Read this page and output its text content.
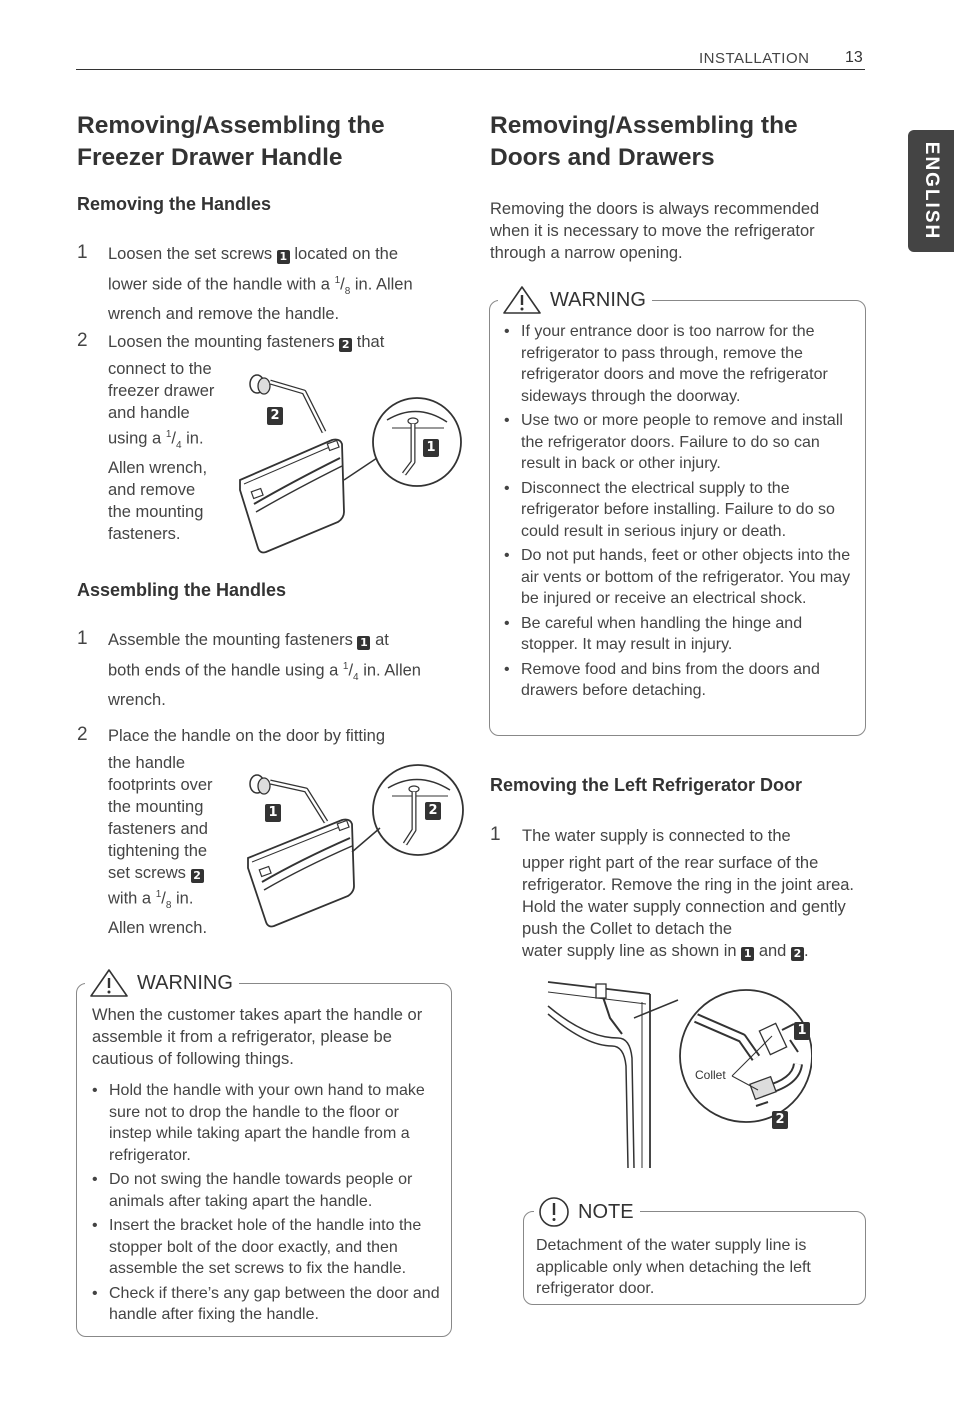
INSTALLATION 13
ENGLISH
Removing/Assembling the Freezer Drawer Handle
Removing the Handles
1 Loosen the set screws 1 located on the
lower side of the handle with a $^1/_8$ in. Allen
wrench and remove the handle.
2 Loosen the mounting fasteners 2 that
connect to the
freezer drawer
and handle
using a $^1/_4$ in.
Allen wrench,
and remove
the mounting
fasteners.
2
1
Assembling the Handles
1 Assemble the mounting fasteners 1 at
both ends of the handle using a $^1/_4$ in. Allen
wrench.
2 Place the handle on the door by fitting
the handle
footprints over
the mounting
fasteners and
tightening the
set screws 2
with a $^1/_8$ in.
Allen wrench.
1	2
WARNING

When the customer takes apart the handle or assemble it from a refrigerator, please be cautious of following things.

• Hold the handle with your own hand to make sure not to drop the handle to the floor or instep while taking apart the handle from a refrigerator.
• Do not swing the handle towards people or animals after taking apart the handle.
• Insert the bracket hole of the handle into the stopper bolt of the door exactly, and then assemble the set screws to fix the handle.
• Check if there’s any gap between the door and handle after fixing the handle.
Removing/Assembling the Doors and Drawers

Removing the doors is always recommended when it is necessary to move the refrigerator through a narrow opening.

WARNING
• If your entrance door is too narrow for the refrigerator to pass through, remove the refrigerator doors and move the refrigerator sideways through the doorway.
• Use two or more people to remove and install the refrigerator doors. Failure to do so can result in back or other injury.
• Disconnect the electrical supply to the refrigerator before installing. Failure to do so could result in serious injury or death.
• Do not put hands, feet or other objects into the air vents or bottom of the refrigerator. You may be injured or receive an electrical shock.
• Be careful when handling the hinge and stopper. It may result in injury.
• Remove food and bins from the doors and drawers before detaching.
Removing the Left Refrigerator Door
1 The water supply is connected to the
upper right part of the rear surface of the refrigerator. Remove the ring in the joint area. Hold the water supply connection and gently push the Collet to detach the
water supply line as shown in 1 and 2 .
Collet
1
2
NOTE

Detachment of the water supply line is applicable only when detaching the left refrigerator door.
